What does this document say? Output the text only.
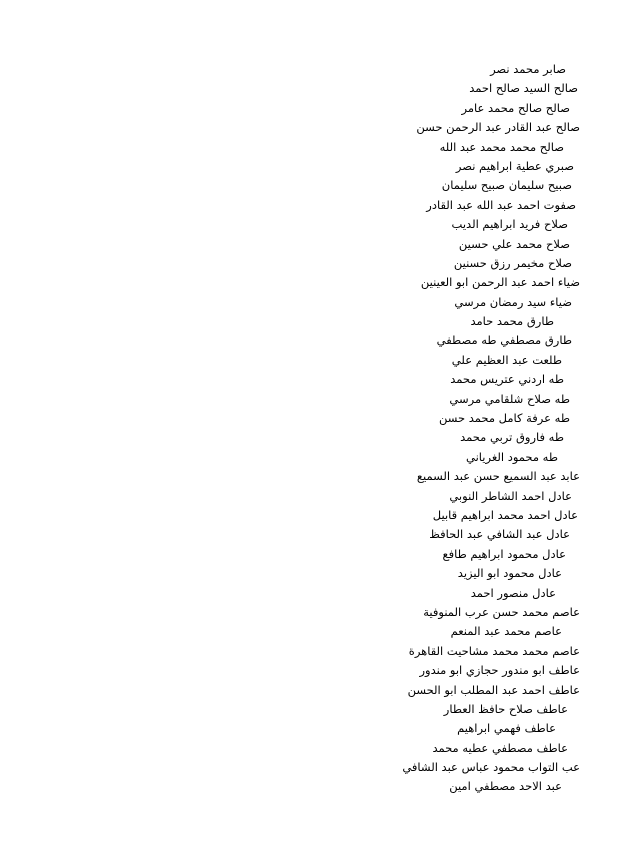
صابر محمد نصر
صالح السيد صالح احمد
صالح صالح محمد عامر
صالح عبد القادر عبد الرحمن حسن
صالح محمد محمد عبد الله
صبري عطية ابراهيم نصر
صبيح سليمان صبيح سليمان
صفوت احمد عبد الله عبد القادر
صلاح فريد ابراهيم الديب
صلاح محمد علي حسين
صلاح مخيمر رزق حسنين
ضياء احمد عبد الرحمن ابو العينين
ضياء سيد رمضان مرسي
طارق محمد حامد
طارق مصطفي طه مصطفي
طلعت عبد العظيم علي
طه اردني عتريس محمد
طه صلاح شلقامي مرسي
طه عرفة كامل محمد حسن
طه فاروق تربي محمد
طه محمود الغرياني
عابد عبد السميع حسن عبد السميع
عادل احمد الشاطر النوبي
عادل احمد محمد ابراهيم قابيل
عادل عبد الشافي عبد الحافظ
عادل محمود ابراهيم طافع
عادل محمود ابو اليزيد
عادل منصور احمد
عاصم محمد حسن عرب المنوفية
عاصم محمد عبد المنعم
عاصم محمد محمد مشاحيت القاهرة
عاطف ابو مندور حجازي ابو مندور
عاطف احمد عبد المطلب ابو الحسن
عاطف صلاح حافظ العطار
عاطف فهمي ابراهيم
عاطف مصطفي عطيه محمد
عب التواب محمود عباس عبد الشافي
عبد الاحد مصطفي امين
